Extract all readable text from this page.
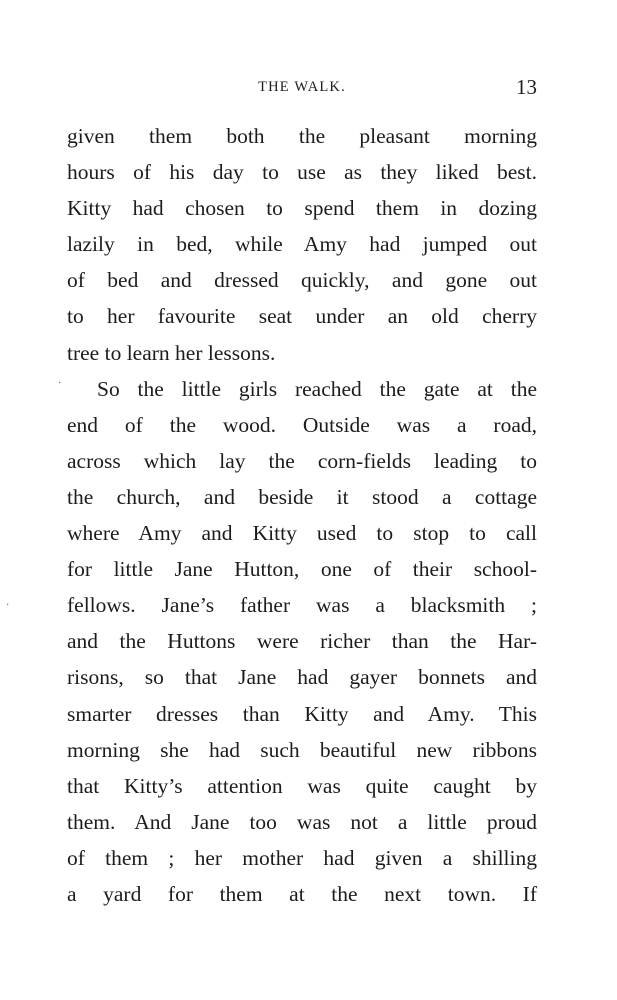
THE WALK.	13
·
·
given them both the pleasant morning
hours of his day to use as they liked best.
Kitty had chosen to spend them in dozing
lazily in bed, while Amy had jumped out
of bed and dressed quickly, and gone out
to her favourite seat under an old cherry
tree to learn her lessons.
So the little girls reached the gate at the
end of the wood. Outside was a road,
across which lay the corn-fields leading to
the church, and beside it stood a cottage
where Amy and Kitty used to stop to call
for little Jane Hutton, one of their school-
fellows. Jane’s father was a blacksmith ;
and the Huttons were richer than the Har-
risons, so that Jane had gayer bonnets and
smarter dresses than Kitty and Amy. This
morning she had such beautiful new ribbons
that Kitty’s attention was quite caught by
them. And Jane too was not a little proud
of them ; her mother had given a shilling
a yard for them at the next town. If
